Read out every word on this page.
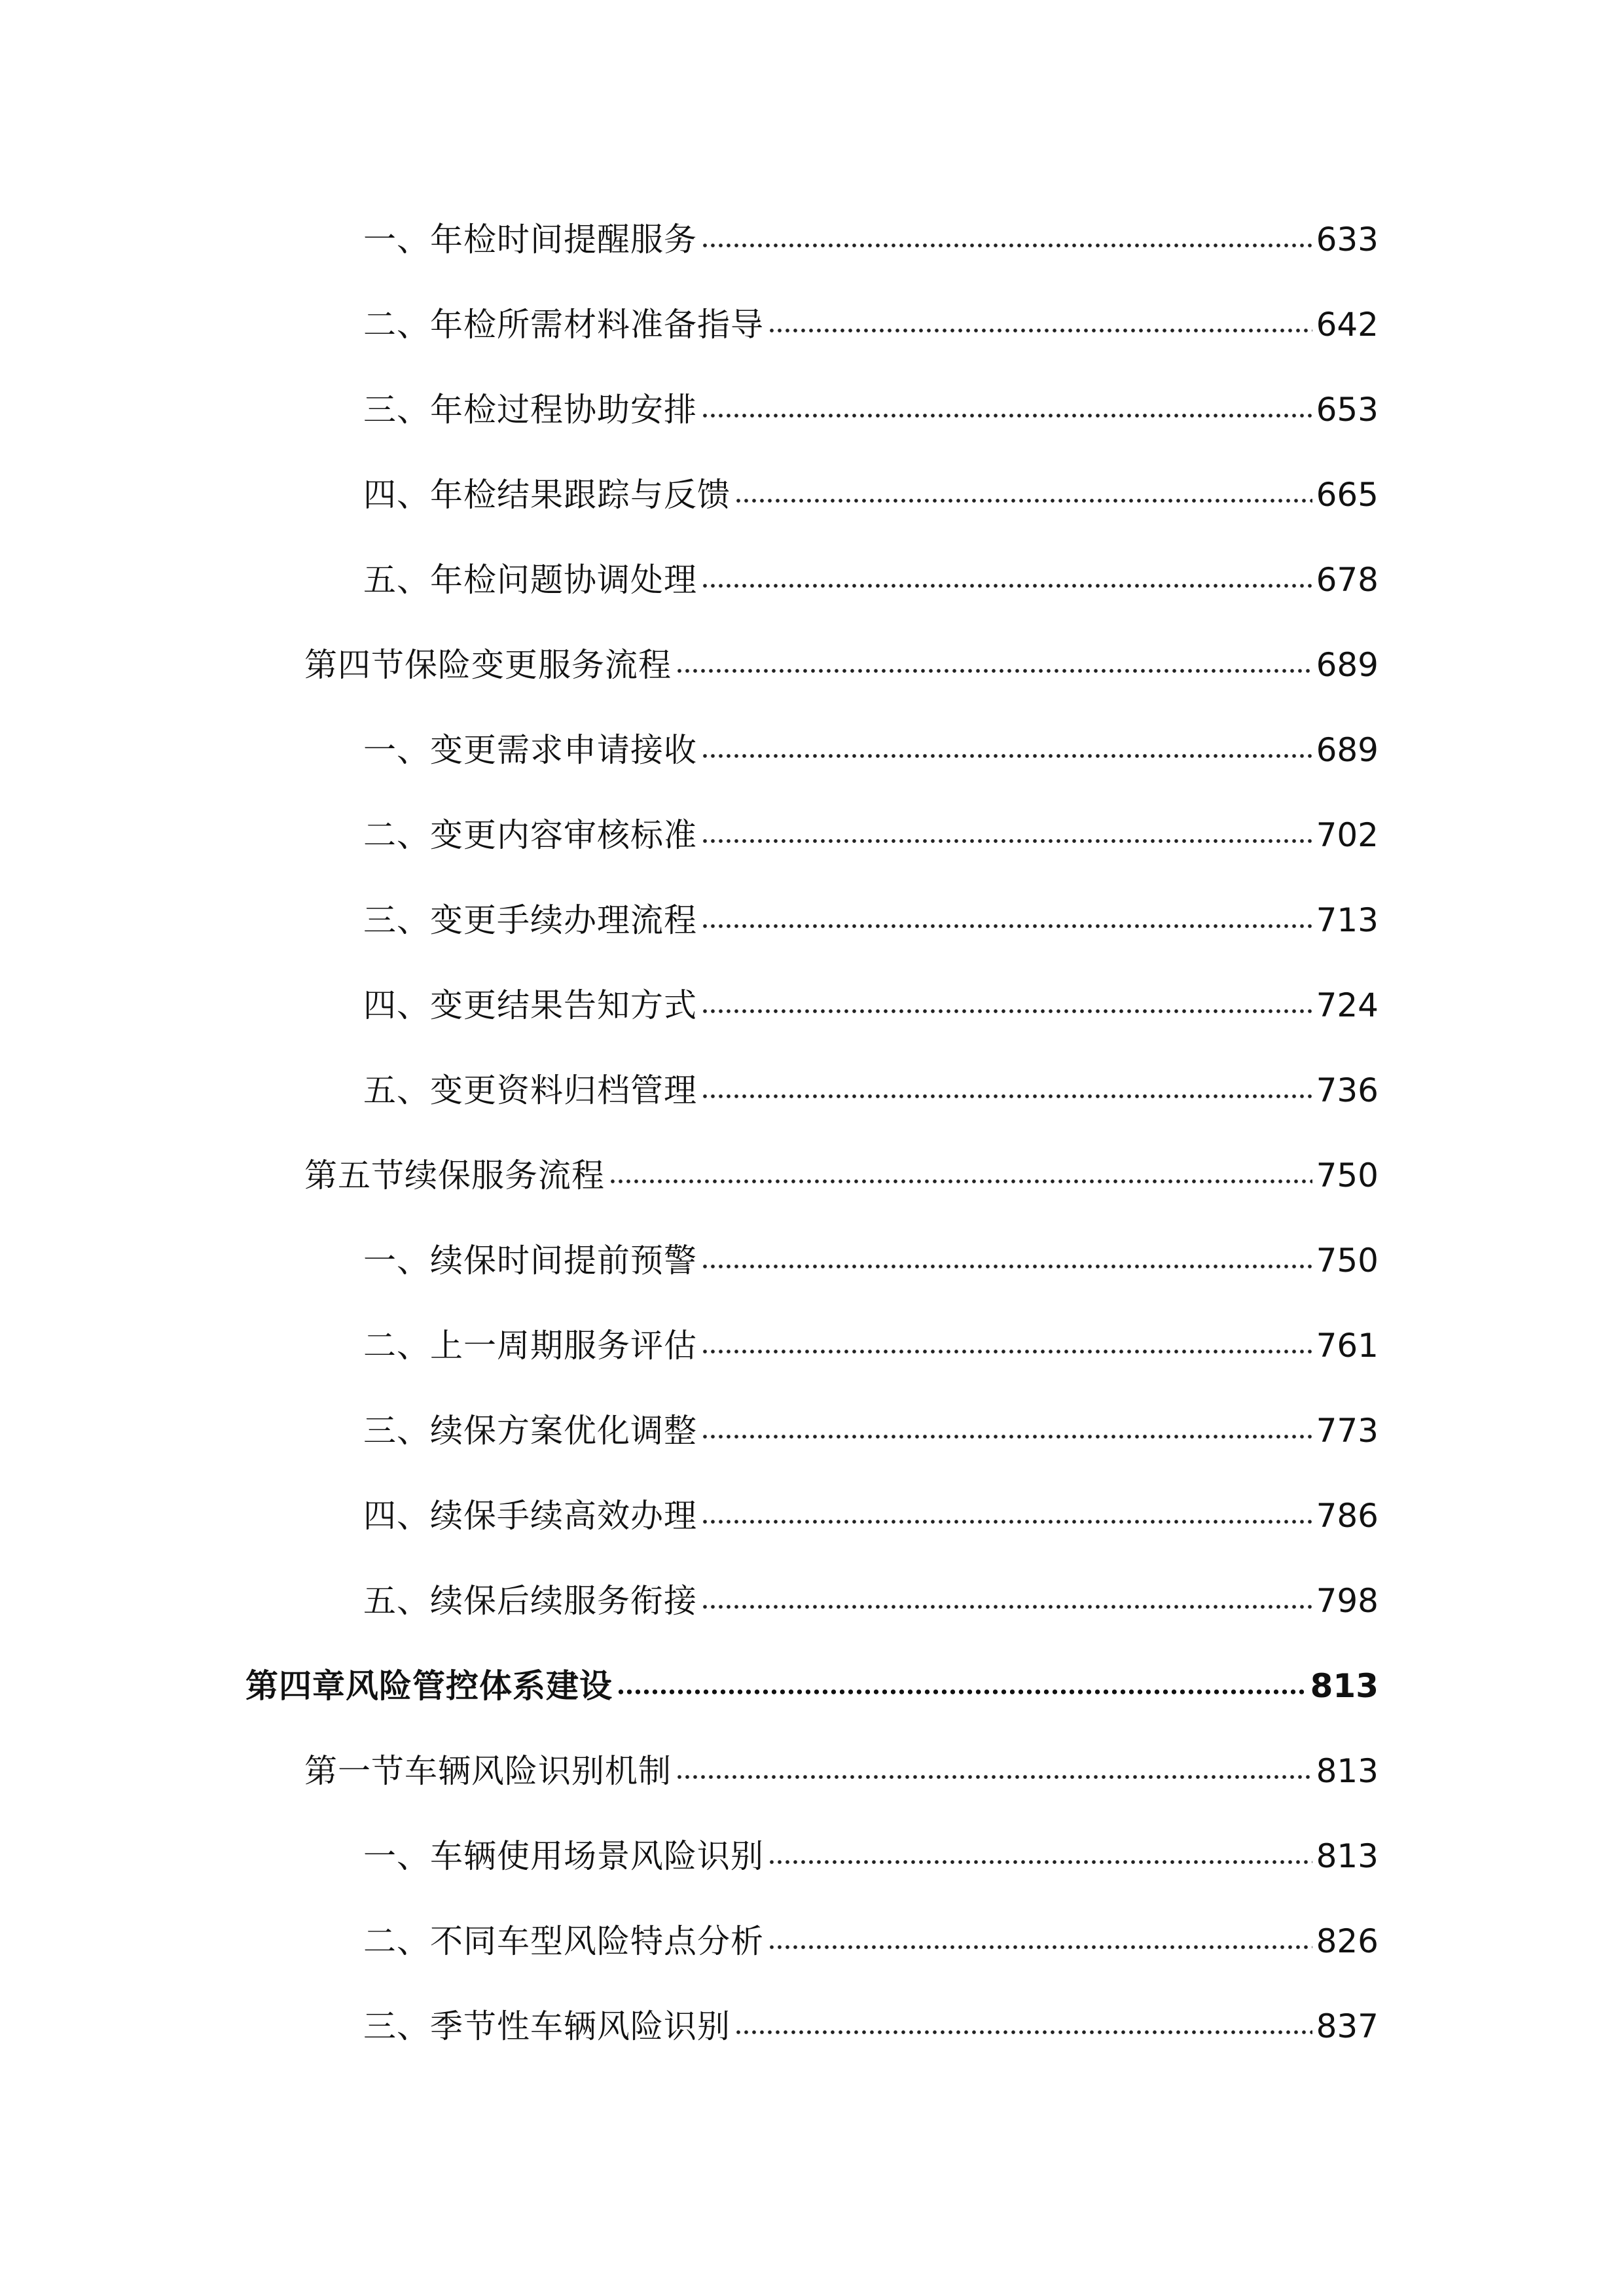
一、年检时间提醒服务	633
二、年检所需材料准备指导	642
三、年检过程协助安排	653
四、年检结果跟踪与反馈	665
五、年检问题协调处理	678
第四节保险变更服务流程	689
一、变更需求申请接收	689
二、变更内容审核标准	702
三、变更手续办理流程	713
四、变更结果告知方式	724
五、变更资料归档管理	736
第五节续保服务流程	750
一、续保时间提前预警	750
二、上一周期服务评估	761
三、续保方案优化调整	773
四、续保手续高效办理	786
五、续保后续服务衔接	798
第四章风险管控体系建设	813
第一节车辆风险识别机制	813
一、车辆使用场景风险识别	813
二、不同车型风险特点分析	826
三、季节性车辆风险识别	837
